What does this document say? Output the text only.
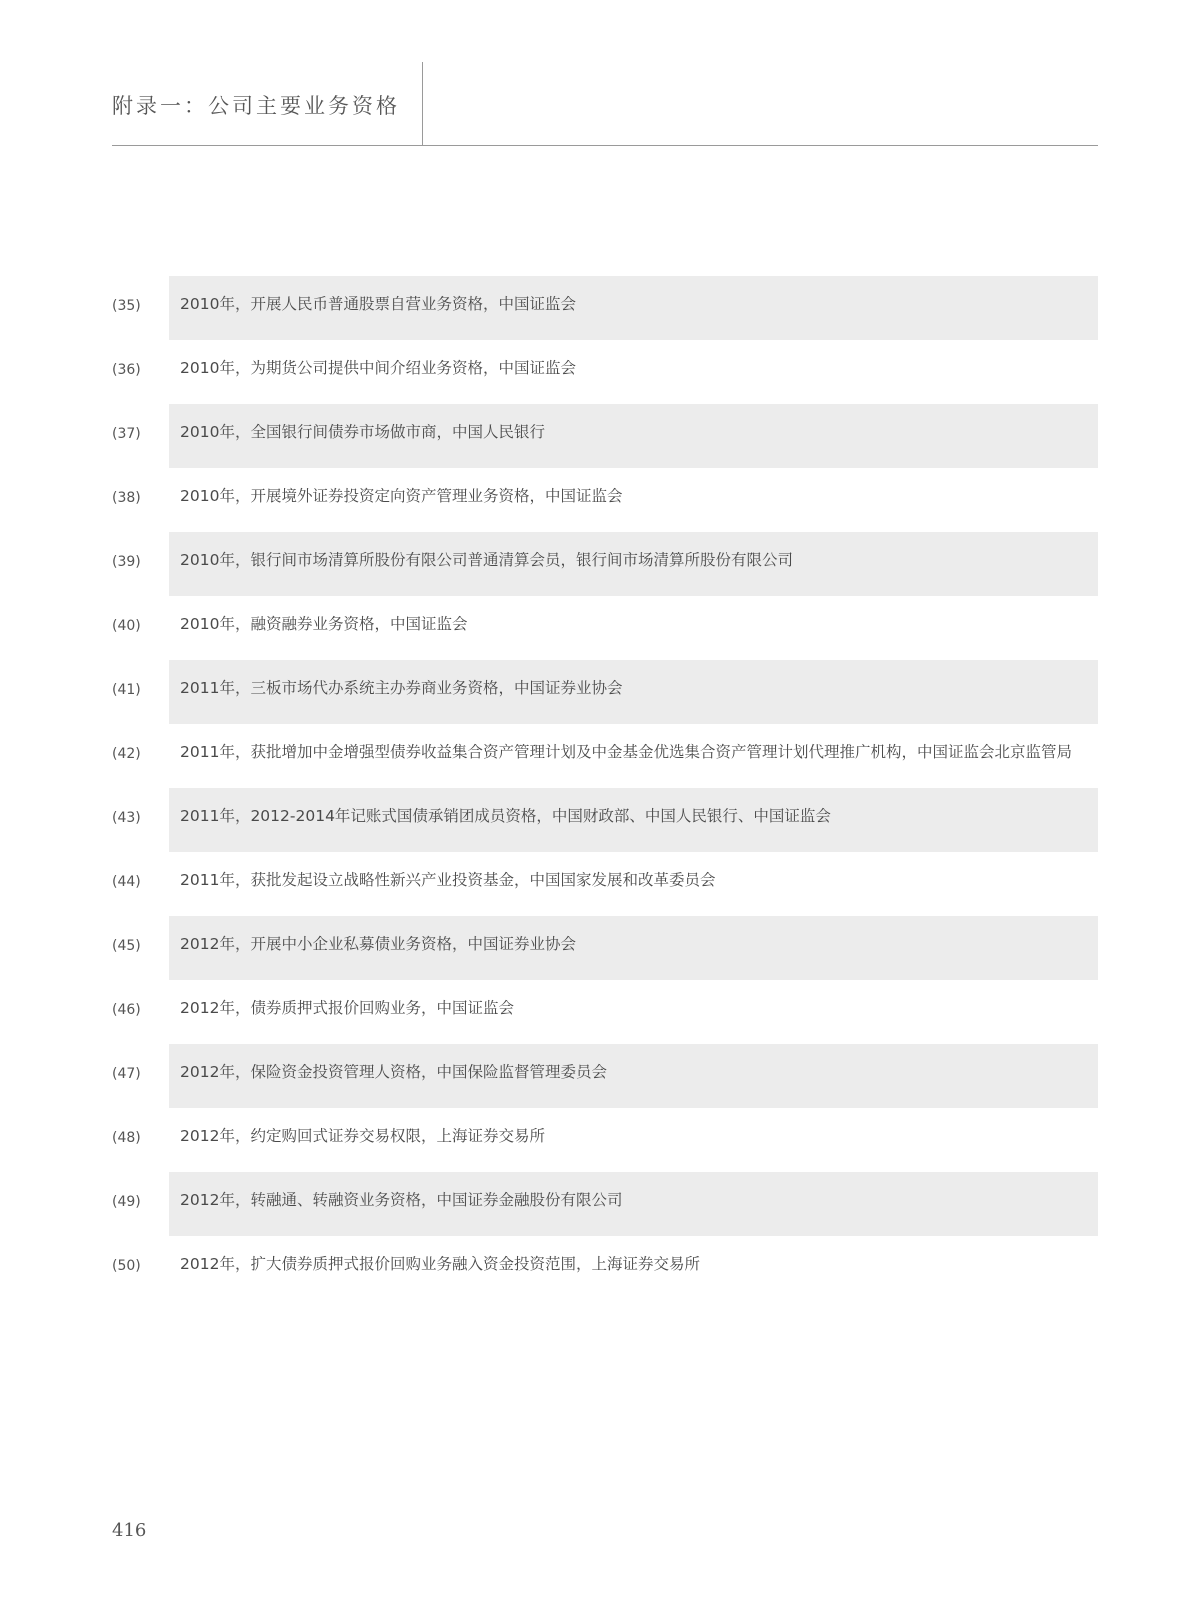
附录一：公司主要业务资格
(35)	2010年，开展人民币普通股票自营业务资格，中国证监会
(36)	2010年，为期货公司提供中间介绍业务资格，中国证监会
(37)	2010年，全国银行间债券市场做市商，中国人民银行
(38)	2010年，开展境外证券投资定向资产管理业务资格，中国证监会
(39)	2010年，银行间市场清算所股份有限公司普通清算会员，银行间市场清算所股份有限公司
(40)	2010年，融资融券业务资格，中国证监会
(41)	2011年，三板市场代办系统主办券商业务资格，中国证券业协会
(42)	2011年，获批增加中金增强型债券收益集合资产管理计划及中金基金优选集合资产管理计划代理推广机构，中国证监会北京监管局
(43)	2011年，2012-2014年记账式国债承销团成员资格，中国财政部、中国人民银行、中国证监会
(44)	2011年，获批发起设立战略性新兴产业投资基金，中国国家发展和改革委员会
(45)	2012年，开展中小企业私募债业务资格，中国证券业协会
(46)	2012年，债券质押式报价回购业务，中国证监会
(47)	2012年，保险资金投资管理人资格，中国保险监督管理委员会
(48)	2012年，约定购回式证券交易权限，上海证券交易所
(49)	2012年，转融通、转融资业务资格，中国证券金融股份有限公司
(50)	2012年，扩大债券质押式报价回购业务融入资金投资范围，上海证券交易所
416
